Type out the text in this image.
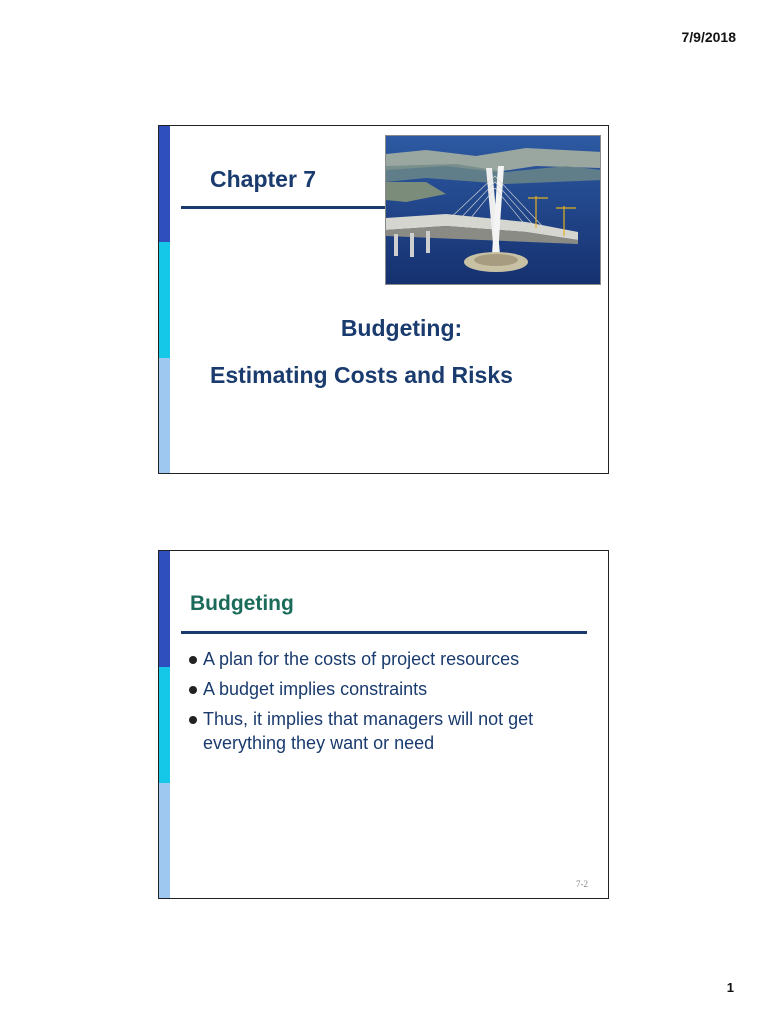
7/9/2018
Chapter 7
Budgeting:
Estimating Costs and Risks
Budgeting
A plan for the costs of project resources
A budget implies constraints
Thus, it implies that managers will not get everything they want or need
7-2
1
